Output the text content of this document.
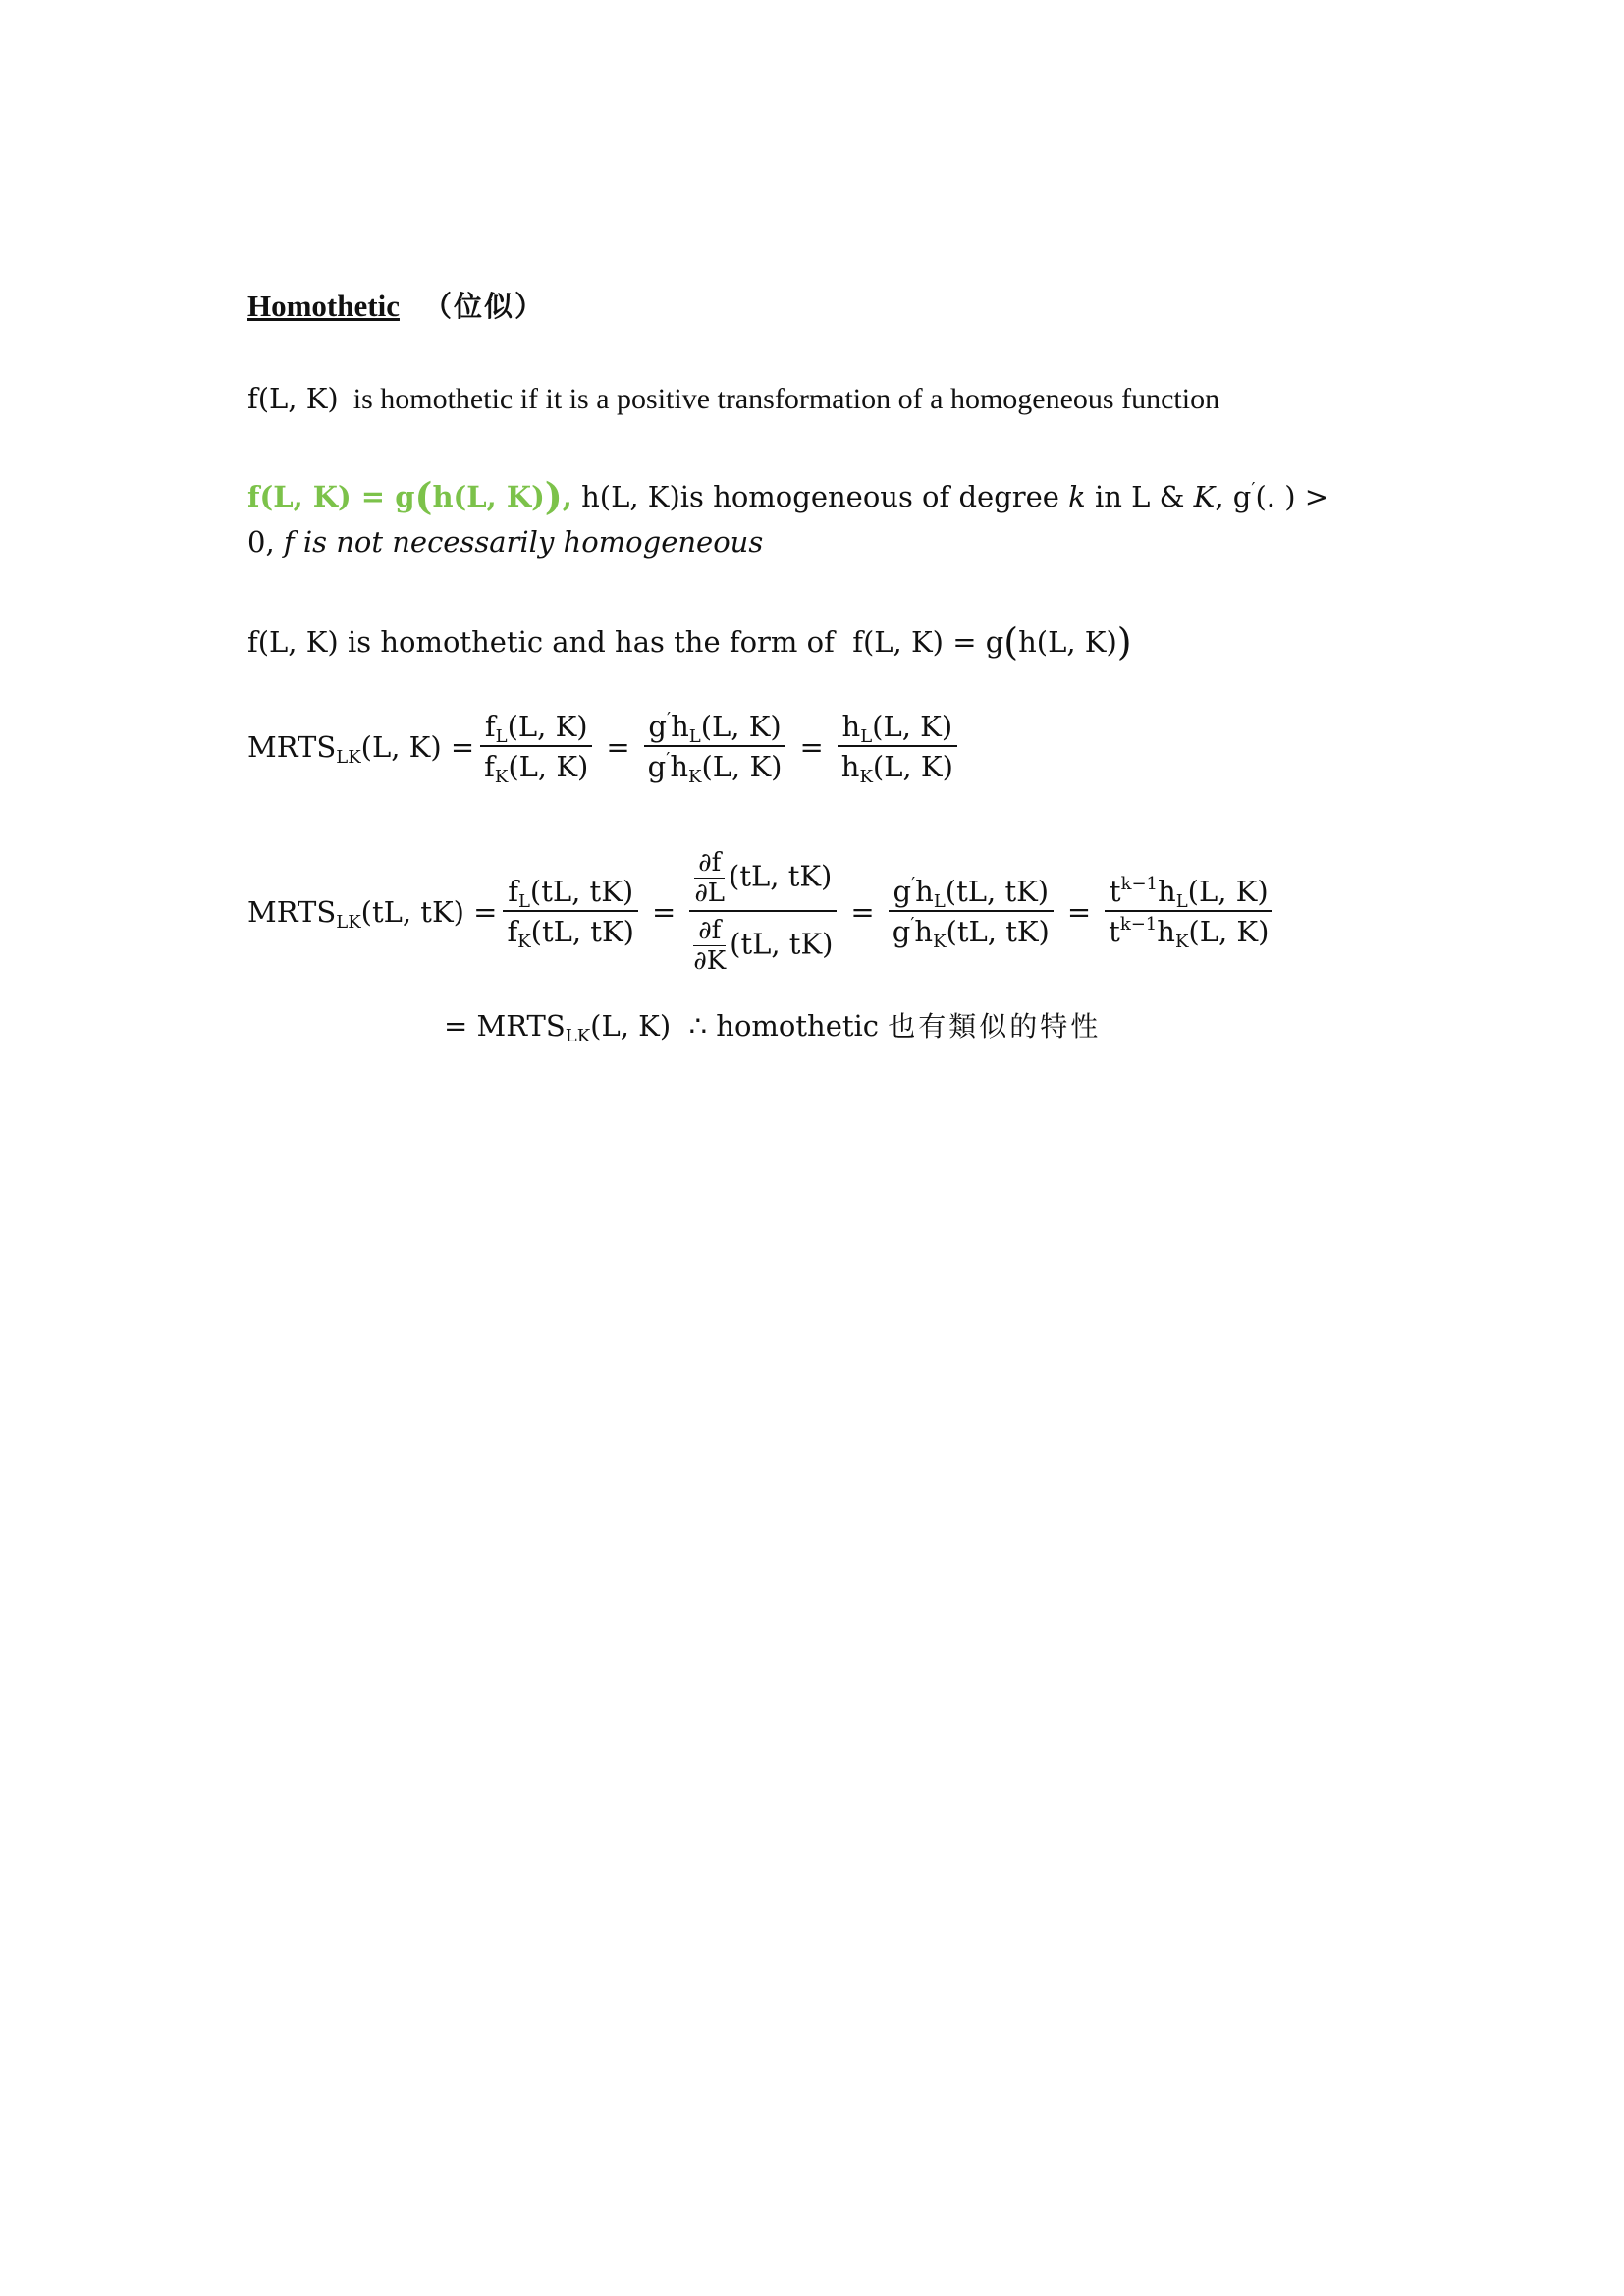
Homothetic （位似）
f(L, K) is homothetic if it is a positive transformation of a homogeneous function
f(L, K) = g(h(L, K)), h(L, K)is homogeneous of degree k in L & K, g′(. ) >
0, f is not necessarily homogeneous
f(L, K) is homothetic and has the form of f(L, K) = g(h(L, K))
$MRTS_{LK}(L$, $K) = \frac{f_L(L, K)}{f_K(L, K)} = \frac{g'h_L(L, K)}{g'h_K(L, K)} = \frac{h_L(L, K)}{h_K(L, K)}$
$MRTS_{LK}(tL$, $tK) = \frac{f_L(tL, tK)}{f_K(tL, tK)} = \frac{\frac{\partial f}{\partial L} (tL, tK)}{\frac{\partial f}{\partial K} (tL, tK)} = \frac{g'h_L(tL, tK)}{g'h_K(tL, tK)} = \frac{t^{k-1}h_L(L, K)}{t^{k-1}h_K(L, K)}$
= $MRTS_{LK}(L$, K) ∴ homothetic 也有類似的特性
